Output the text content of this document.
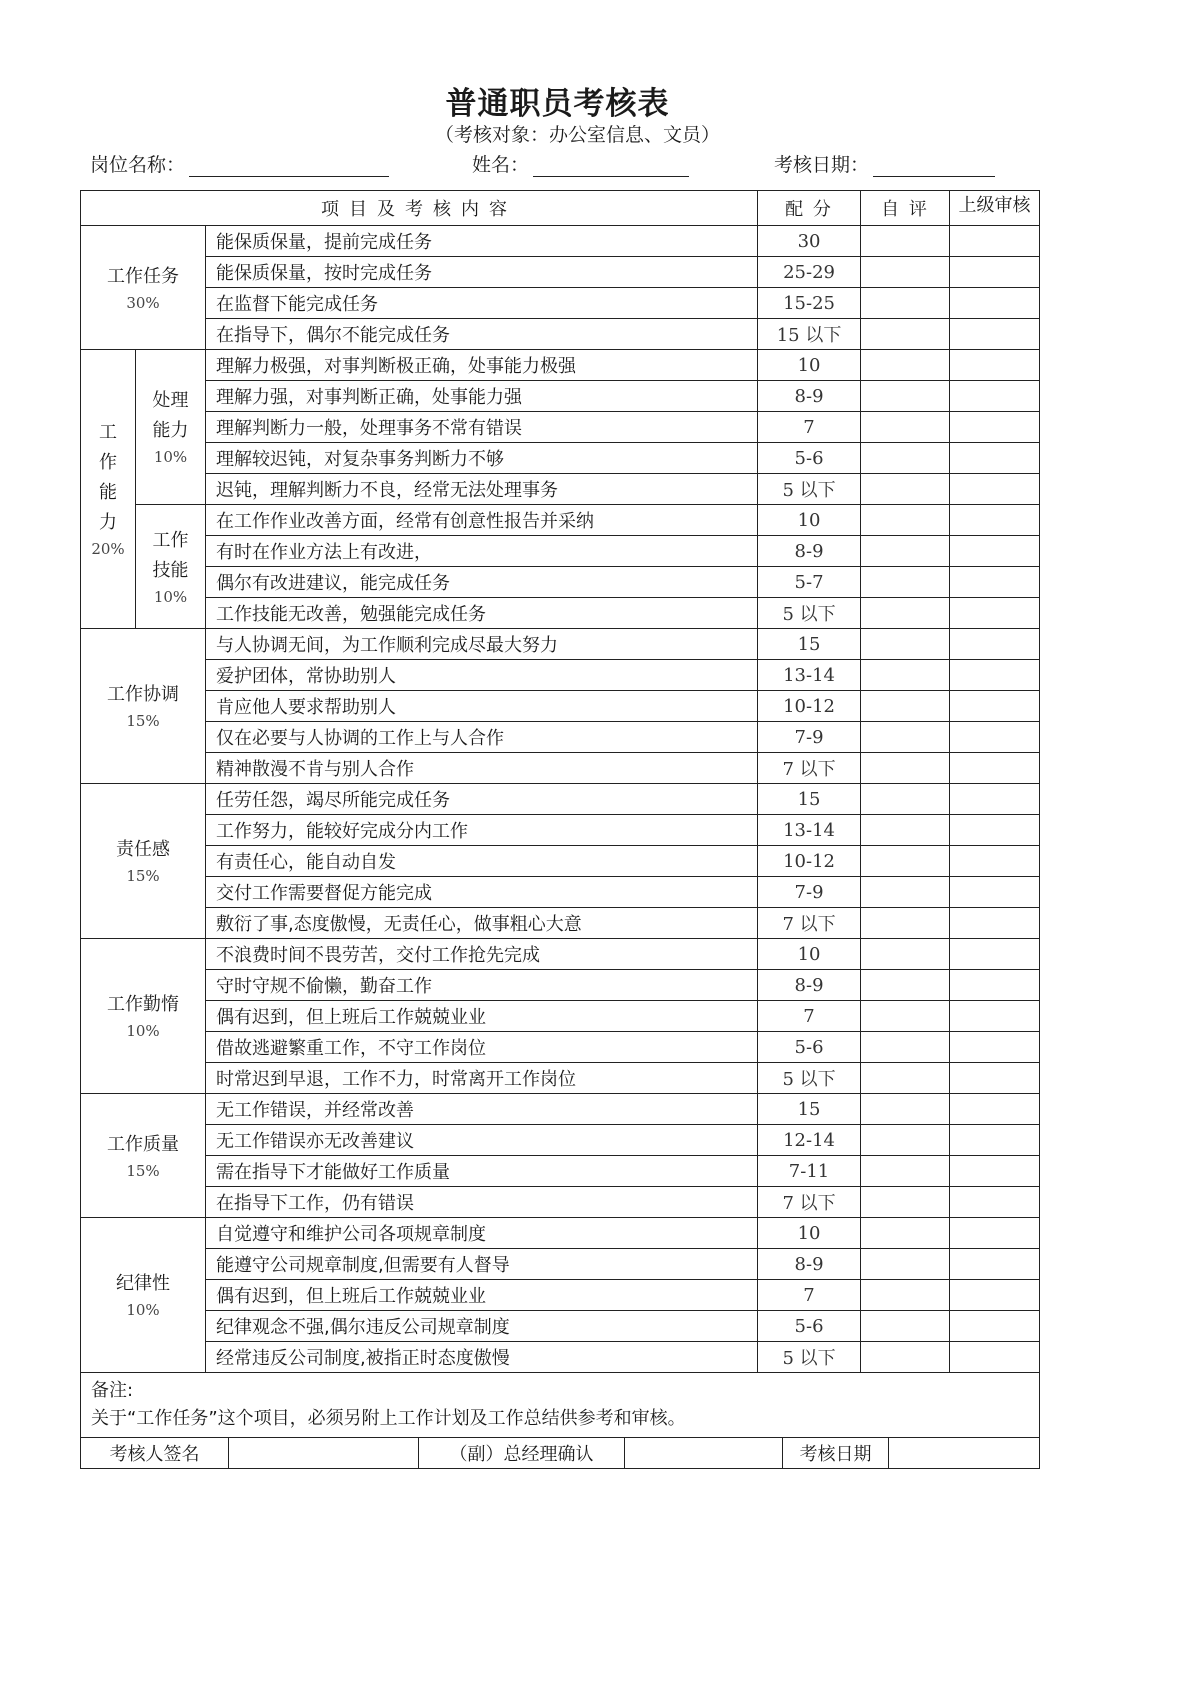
普通职员考核表
（考核对象：办公室信息、文员）
岗位名称：	姓名：	考核日期：
项目及考核内容	配 分	自 评	上级审核

工作任务
30%
	能保质保量，提前完成任务	30		
能保质保量，按时完成任务	25-29		
在监督下能完成任务	15-25		
在指导下，偶尔不能完成任务	15 以下		

工作能力
20%

处理能力
10%
	理解力极强，对事判断极正确，处事能力极强	10		
理解力强，对事判断正确，处事能力强	8-9		
理解判断力一般，处理事务不常有错误	7		
理解较迟钝，对复杂事务判断力不够	5-6		
迟钝，理解判断力不良，经常无法处理事务	5 以下		

工作技能
10%
	在工作作业改善方面，经常有创意性报告并采纳	10		
有时在作业方法上有改进，	8-9		
偶尔有改进建议，能完成任务	5-7		
工作技能无改善，勉强能完成任务	5 以下		

工作协调
15%
	与人协调无间，为工作顺利完成尽最大努力	15		
爱护团体，常协助别人	13-14		
肯应他人要求帮助别人	10-12		
仅在必要与人协调的工作上与人合作	7-9		
精神散漫不肯与别人合作	7 以下		

责任感
15%
	任劳任怨，竭尽所能完成任务	15		
工作努力，能较好完成分内工作	13-14		
有责任心，能自动自发	10-12		
交付工作需要督促方能完成	7-9		
敷衍了事,态度傲慢，无责任心，做事粗心大意	7 以下		

工作勤惰
10%
	不浪费时间不畏劳苦，交付工作抢先完成	10		
守时守规不偷懒，勤奋工作	8-9		
偶有迟到，但上班后工作兢兢业业	7		
借故逃避繁重工作，不守工作岗位	5-6		
时常迟到早退，工作不力，时常离开工作岗位	5 以下		

工作质量
15%
	无工作错误，并经常改善	15		
无工作错误亦无改善建议	12-14		
需在指导下才能做好工作质量	7-11		
在指导下工作，仍有错误	7 以下		

纪律性
10%
	自觉遵守和维护公司各项规章制度	10		
能遵守公司规章制度,但需要有人督导	8-9		
偶有迟到，但上班后工作兢兢业业	7		
纪律观念不强,偶尔违反公司规章制度	5-6		
经常违反公司制度,被指正时态度傲慢	5 以下		

备注:
关于“工作任务”这个项目，必须另附上工作计划及工作总结供参考和审核。

考核人签名		（副）总经理确认		考核日期	
